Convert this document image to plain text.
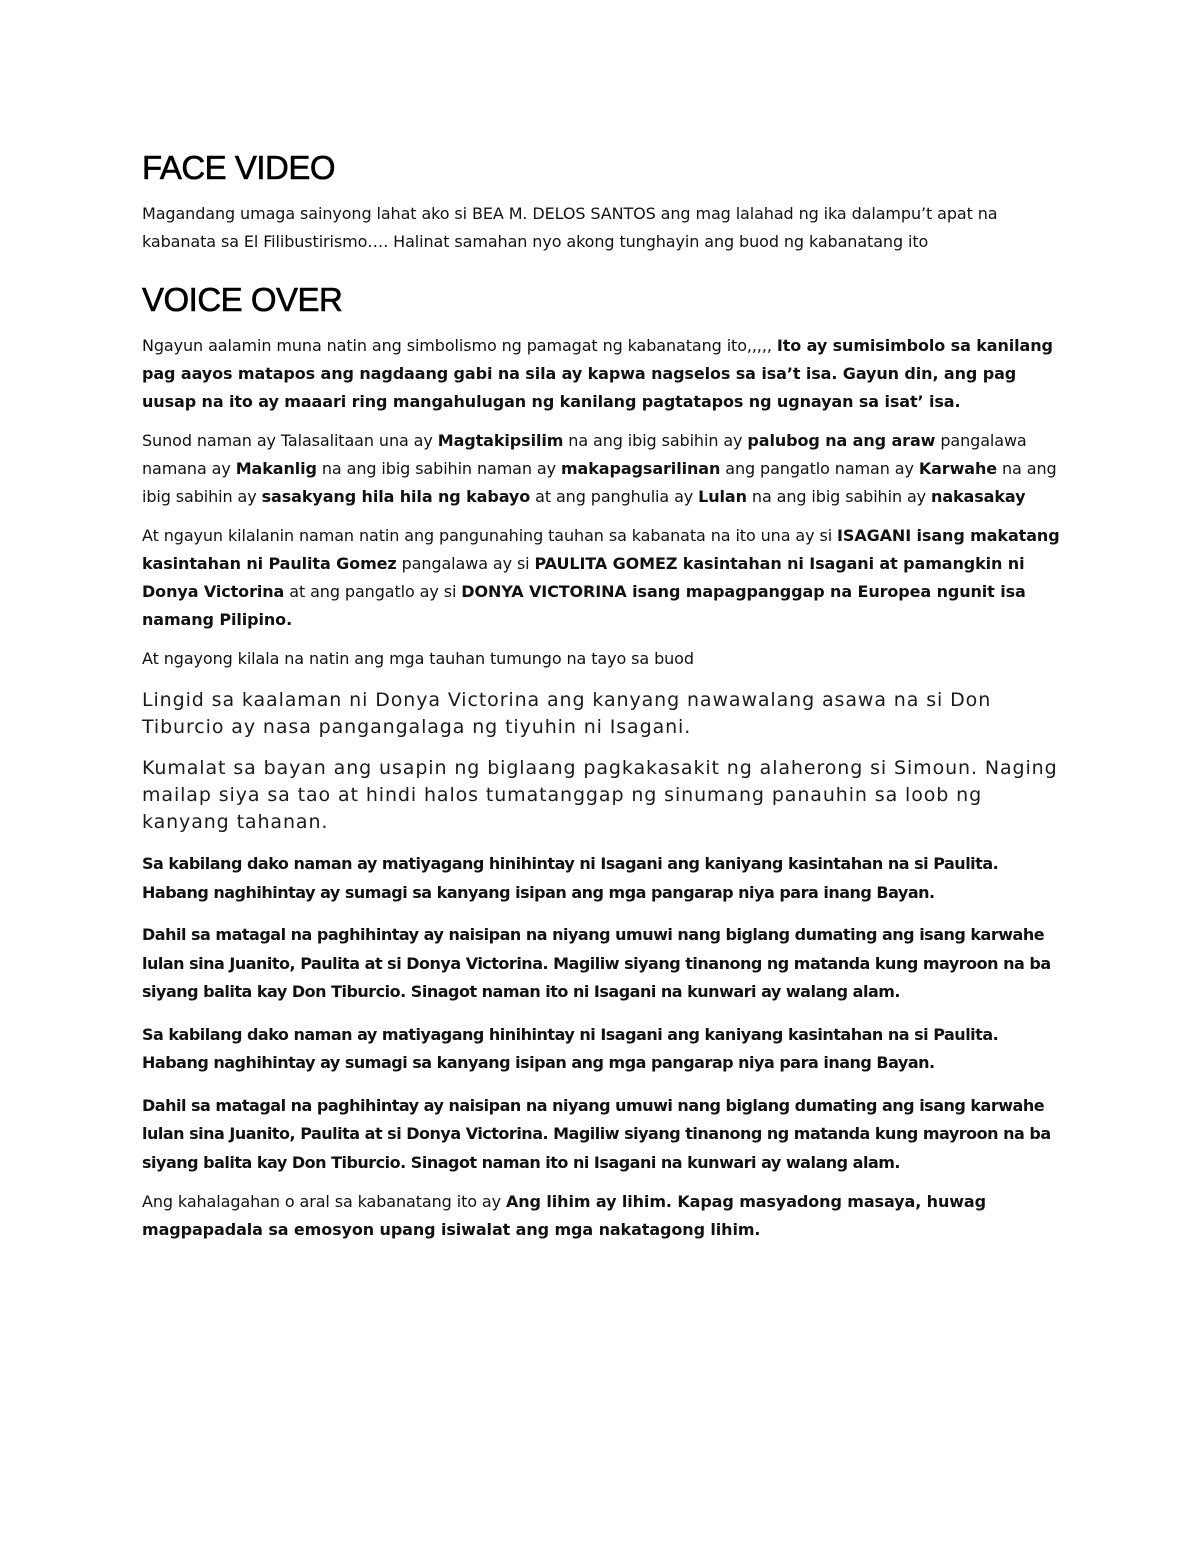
FACE VIDEO

Magandang umaga sainyong lahat ako si BEA M. DELOS SANTOS ang mag lalahad ng ika dalampu’t apat na kabanata sa El Filibustirismo…. Halinat samahan nyo akong tunghayin ang buod ng kabanatang ito

VOICE OVER

Ngayun aalamin muna natin ang simbolismo ng pamagat ng kabanatang ito,,,,, Ito ay sumisimbolo sa kanilang pag aayos matapos ang nagdaang gabi na sila ay kapwa nagselos sa isa’t isa. Gayun din, ang pag uusap na ito ay maaari ring mangahulugan ng kanilang pagtatapos ng ugnayan sa isat’ isa.

Sunod naman ay Talasalitaan una ay Magtakipsilim na ang ibig sabihin ay palubog na ang araw pangalawa namana ay Makanlig na ang ibig sabihin naman ay makapagsarilinan ang pangatlo naman ay Karwahe na ang ibig sabihin ay sasakyang hila hila ng kabayo at ang panghulia ay Lulan na ang ibig sabihin ay nakasakay

At ngayun kilalanin naman natin ang pangunahing tauhan sa kabanata na ito una ay si ISAGANI isang makatang kasintahan ni Paulita Gomez pangalawa ay si PAULITA GOMEZ kasintahan ni Isagani at pamangkin ni Donya Victorina at ang pangatlo ay si DONYA VICTORINA isang mapagpanggap na Europea ngunit isa namang Pilipino.

At ngayong kilala na natin ang mga tauhan tumungo na tayo sa buod

Lingid sa kaalaman ni Donya Victorina ang kanyang nawawalang asawa na si Don Tiburcio ay nasa pangangalaga ng tiyuhin ni Isagani.

Kumalat sa bayan ang usapin ng biglaang pagkakasakit ng alaherong si Simoun. Naging mailap siya sa tao at hindi halos tumatanggap ng sinumang panauhin sa loob ng kanyang tahanan.

Sa kabilang dako naman ay matiyagang hinihintay ni Isagani ang kaniyang kasintahan na si Paulita. Habang naghihintay ay sumagi sa kanyang isipan ang mga pangarap niya para inang Bayan.

Dahil sa matagal na paghihintay ay naisipan na niyang umuwi nang biglang dumating ang isang karwahe lulan sina Juanito, Paulita at si Donya Victorina. Magiliw siyang tinanong ng matanda kung mayroon na ba siyang balita kay Don Tiburcio. Sinagot naman ito ni Isagani na kunwari ay walang alam.

Sa kabilang dako naman ay matiyagang hinihintay ni Isagani ang kaniyang kasintahan na si Paulita. Habang naghihintay ay sumagi sa kanyang isipan ang mga pangarap niya para inang Bayan.

Dahil sa matagal na paghihintay ay naisipan na niyang umuwi nang biglang dumating ang isang karwahe lulan sina Juanito, Paulita at si Donya Victorina. Magiliw siyang tinanong ng matanda kung mayroon na ba siyang balita kay Don Tiburcio. Sinagot naman ito ni Isagani na kunwari ay walang alam.

Ang kahalagahan o aral sa kabanatang ito ay Ang lihim ay lihim. Kapag masyadong masaya, huwag magpapadala sa emosyon upang isiwalat ang mga nakatagong lihim.
